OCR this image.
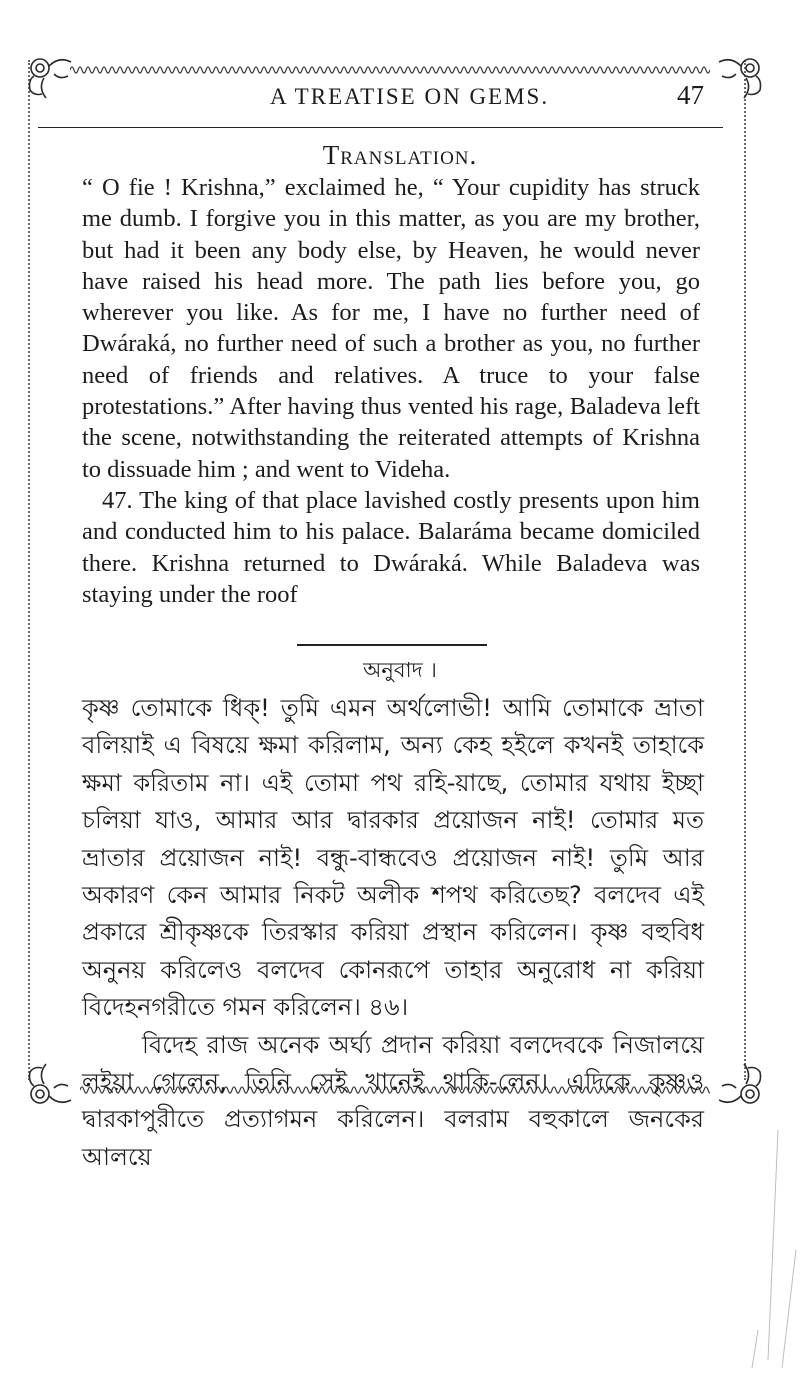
A TREATISE ON GEMS.	47
Translation.

“ O fie ! Krishna,” exclaimed he, “ Your cupidity has struck me dumb. I forgive you in this matter, as you are my brother, but had it been any body else, by Heaven, he would never have raised his head more. The path lies before you, go wherever you like. As for me, I have no further need of Dwáraká, no further need of such a brother as you, no further need of friends and relatives. A truce to your false protestations.” After having thus vented his rage, Baladeva left the scene, notwithstanding the reiterated attempts of Krishna to dissuade him ; and went to Videha.

47. The king of that place lavished costly presents upon him and conducted him to his palace. Balaráma became domiciled there. Krishna returned to Dwáraká. While Baladeva was staying under the roof

অনুবাদ ।

কৃষ্ণ তোমাকে ধিক্‌! তুমি এমন অর্থলোভী! আমি তোমাকে ভ্রাতা বলিয়াই এ বিষয়ে ক্ষমা করিলাম, অন্য কেহ হইলে কখনই তাহাকে ক্ষমা করিতাম না। এই তোমা পথ রহি‑য়াছে, তোমার যথায় ইচ্ছা চলিয়া যাও, আমার আর দ্বারকার প্রয়োজন নাই! তোমার মত ভ্রাতার প্রয়োজন নাই! বন্ধু‑বান্ধবেও প্রয়োজন নাই! তুমি আর অকারণ কেন আমার নিকট অলীক শপথ করিতেছ? বলদেব এই প্রকারে শ্রীকৃষ্ণকে তিরস্কার করিয়া প্রস্থান করিলেন। কৃষ্ণ বহুবিধ অনুনয় করিলেও বলদেব কোনরূপে তাহার অনুরোধ না করিয়া বিদেহনগরীতে গমন করিলেন। ৪৬।

বিদেহ রাজ অনেক অর্ঘ্য প্রদান করিয়া বলদেবকে নিজালয়ে লইয়া গেলেন, তিনি সেই খানেই থাকি‑লেন। এদিকে কৃষ্ণও দ্বারকাপুরীতে প্রত্যাগমন করিলেন। বলরাম বহুকালে জনকের আলয়ে
